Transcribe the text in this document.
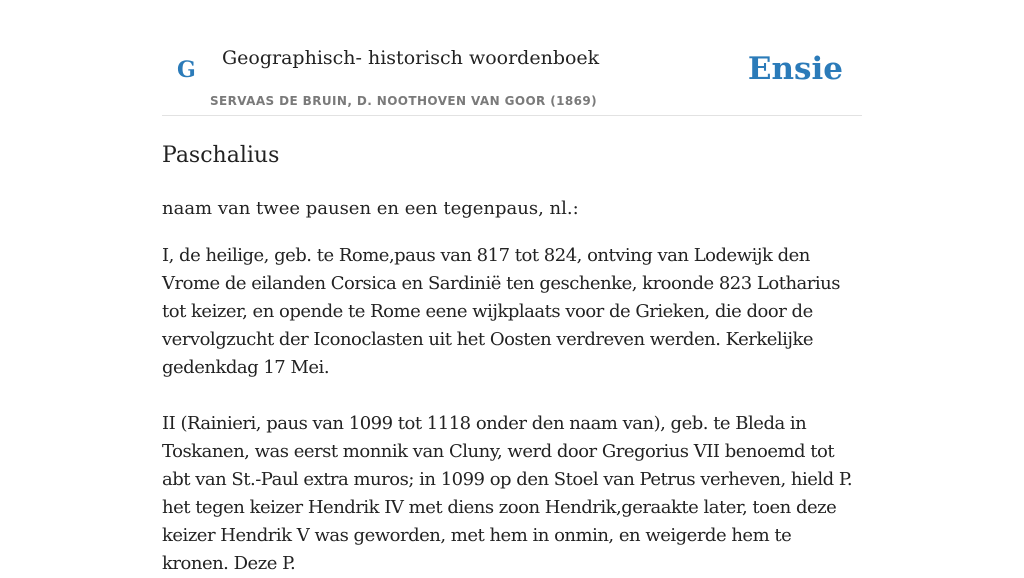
G Geographisch- historisch woordenboek
SERVAAS DE BRUIN, D. NOOTHOVEN VAN GOOR (1869)
Ensie
Paschalius

naam van twee pausen en een tegenpaus, nl.:

I, de heilige, geb. te Rome,paus van 817 tot 824, ontving van Lodewijk den Vrome de eilanden Corsica en Sardinië ten geschenke, kroonde 823 Lotharius tot keizer, en opende te Rome eene wijkplaats voor de Grieken, die door de vervolgzucht der Iconoclasten uit het Oosten verdreven werden. Kerkelijke gedenkdag 17 Mei.
II (Rainieri, paus van 1099 tot 1118 onder den naam van), geb. te Bleda in Toskanen, was eerst monnik van Cluny, werd door Gregorius VII benoemd tot abt van St.-Paul extra muros; in 1099 op den Stoel van Petrus verheven, hield P. het tegen keizer Hendrik IV met diens zoon Hendrik,geraakte later, toen deze keizer Hendrik V was geworden, met hem in onmin, en weigerde hem te kronen. Deze P.
